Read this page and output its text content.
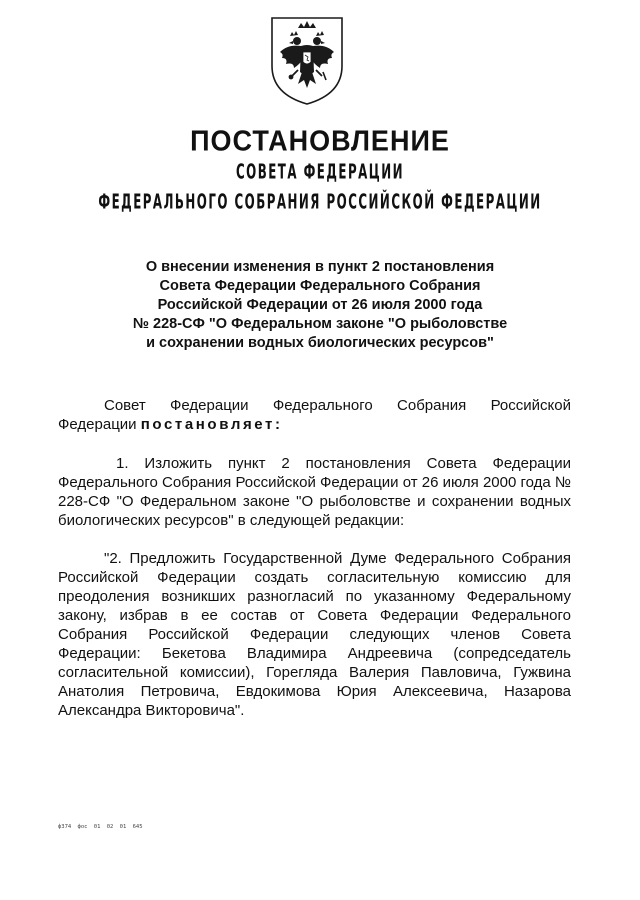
ПОСТАНОВЛЕНИЕ
СОВЕТА ФЕДЕРАЦИИ
ФЕДЕРАЛЬНОГО СОБРАНИЯ РОССИЙСКОЙ ФЕДЕРАЦИИ
О внесении изменения в пункт 2 постановления
Совета Федерации Федерального Собрания
Российской Федерации от 26 июля 2000 года
№ 228-СФ "О Федеральном законе "О рыболовстве
и сохранении водных биологических ресурсов"
Совет Федерации Федерального Собрания Российской Федерации постановляет:
1. Изложить пункт 2 постановления Совета Федерации Федерального Собрания Российской Федерации от 26 июля 2000 года № 228-СФ "О Федеральном законе "О рыболовстве и сохранении водных биологических ресурсов" в следующей редакции:
"2. Предложить Государственной Думе Федерального Собрания Российской Федерации создать согласительную комиссию для преодоления возникших разногласий по указанному Федеральному закону, избрав в ее состав от Совета Федерации Федерального Собрания Российской Федерации следующих членов Совета Федерации: Бекетова Владимира Андреевича (сопредседатель согласительной комиссии), Горегляда Валерия Павловича, Гужвина Анатолия Петровича, Евдокимова Юрия Алексеевича, Назарова Александра Викторовича".
ф374 фос 01 02 01 645
